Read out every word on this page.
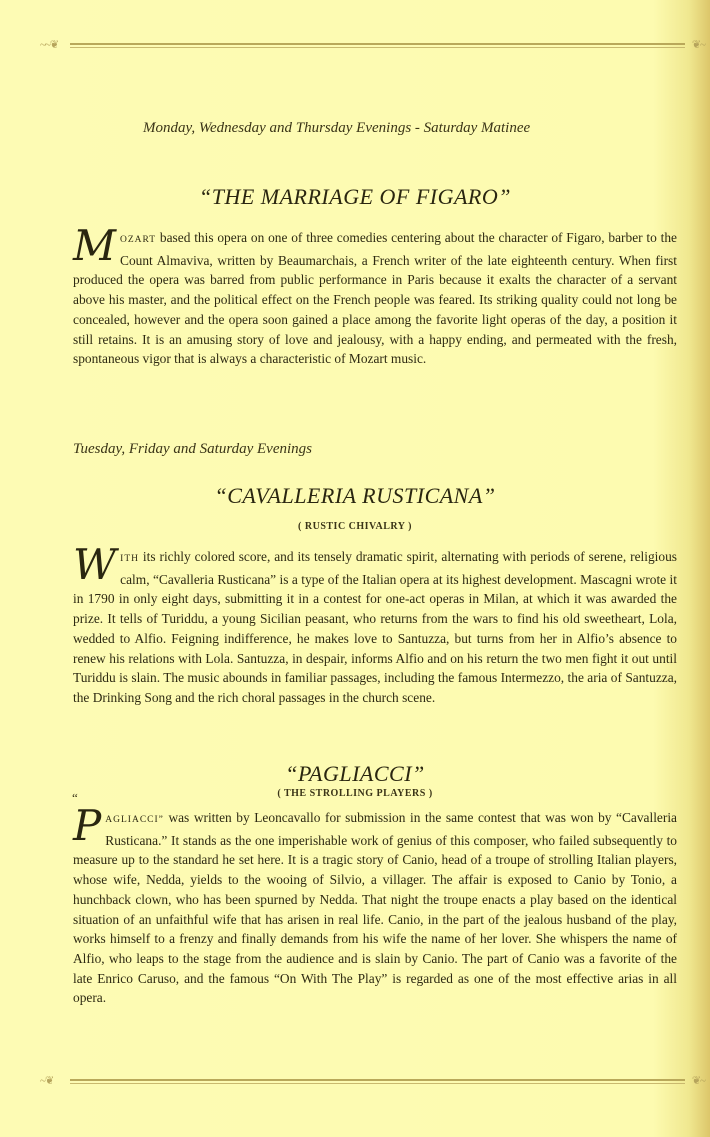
~~❦	❦~
Monday, Wednesday and Thursday Evenings - Saturday Matinee
“THE MARRIAGE OF FIGARO”
MOZART based this opera on one of three comedies centering about the character of Figaro, barber to the Count Almaviva, written by Beaumarchais, a French writer of the late eighteenth century. When first produced the opera was barred from public performance in Paris because it exalts the character of a servant above his master, and the political effect on the French people was feared. Its striking quality could not long be concealed, however and the opera soon gained a place among the favorite light operas of the day, a position it still retains. It is an amusing story of love and jealousy, with a happy ending, and permeated with the fresh, spontaneous vigor that is always a characteristic of Mozart music.
Tuesday, Friday and Saturday Evenings
“CAVALLERIA RUSTICANA”
( RUSTIC CHIVALRY )
WITH its richly colored score, and its tensely dramatic spirit, alternating with periods of serene, religious calm, “Cavalleria Rusticana” is a type of the Italian opera at its highest development. Mascagni wrote it in 1790 in only eight days, submitting it in a contest for one-act operas in Milan, at which it was awarded the prize. It tells of Turiddu, a young Sicilian peasant, who returns from the wars to find his old sweetheart, Lola, wedded to Alfio. Feigning indifference, he makes love to Santuzza, but turns from her in Alfio’s absence to renew his relations with Lola. Santuzza, in despair, informs Alfio and on his return the two men fight it out until Turiddu is slain. The music abounds in familiar passages, including the famous Intermezzo, the aria of Santuzza, the Drinking Song and the rich choral passages in the church scene.
“PAGLIACCI”
( THE STROLLING PLAYERS )
“
PAGLIACCI” was written by Leoncavallo for submission in the same contest that was won by “Cavalleria Rusticana.” It stands as the one imperishable work of genius of this composer, who failed subsequently to measure up to the standard he set here. It is a tragic story of Canio, head of a troupe of strolling Italian players, whose wife, Nedda, yields to the wooing of Silvio, a villager. The affair is exposed to Canio by Tonio, a hunchback clown, who has been spurned by Nedda. That night the troupe enacts a play based on the identical situation of an unfaithful wife that has arisen in real life. Canio, in the part of the jealous husband of the play, works himself to a frenzy and finally demands from his wife the name of her lover. She whispers the name of Alfio, who leaps to the stage from the audience and is slain by Canio. The part of Canio was a favorite of the late Enrico Caruso, and the famous “On With The Play” is regarded as one of the most effective arias in all opera.
~❦	❦~
